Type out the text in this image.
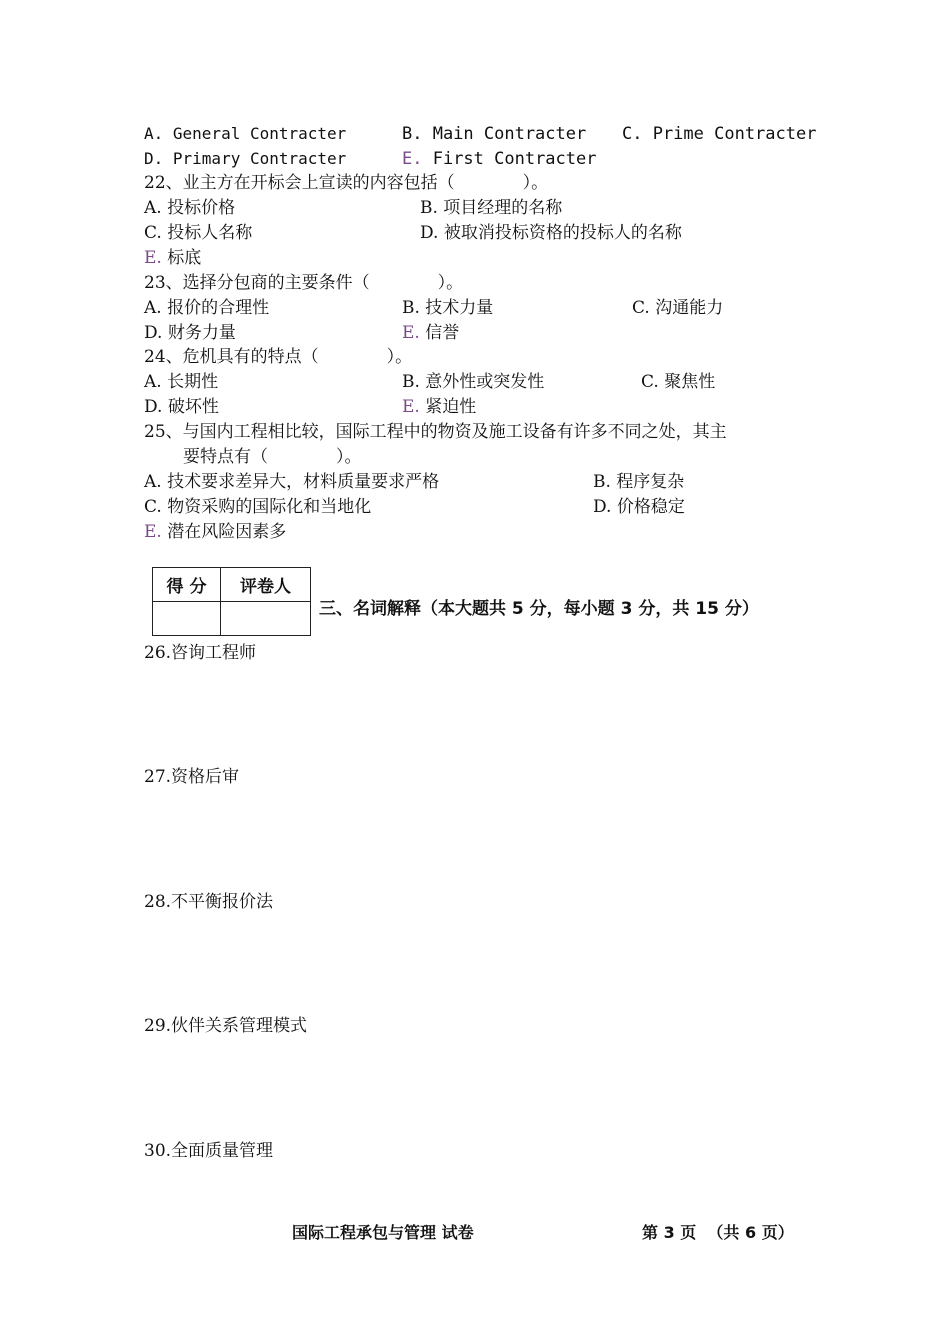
A. General Contracter	B. Main Contracter C. Prime Contracter
D. Primary Contracter	E. First Contracter
22、业主方在开标会上宣读的内容包括（　　　　）。
A. 投标价格	B. 项目经理的名称
C. 投标人名称	D. 被取消投标资格的投标人的名称
E. 标底
23、选择分包商的主要条件（　　　　）。
A. 报价的合理性	B. 技术力量	C. 沟通能力
D. 财务力量	E. 信誉
24、危机具有的特点（　　　　）。
A. 长期性	B. 意外性或突发性	C. 聚焦性
D. 破坏性	E. 紧迫性
25、与国内工程相比较，国际工程中的物资及施工设备有许多不同之处，其主
要特点有（　　　　）。
A. 技术要求差异大，材料质量要求严格	B. 程序复杂
C. 物资采购的国际化和当地化	D. 价格稳定
E. 潜在风险因素多
得 分	评卷人

三、名词解释（本大题共 5 分，每小题 3 分，共 15 分）
26.咨询工程师
27.资格后审
28.不平衡报价法
29.伙伴关系管理模式
30.全面质量管理
国际工程承包与管理 试卷	第 3 页  （共 6 页）
